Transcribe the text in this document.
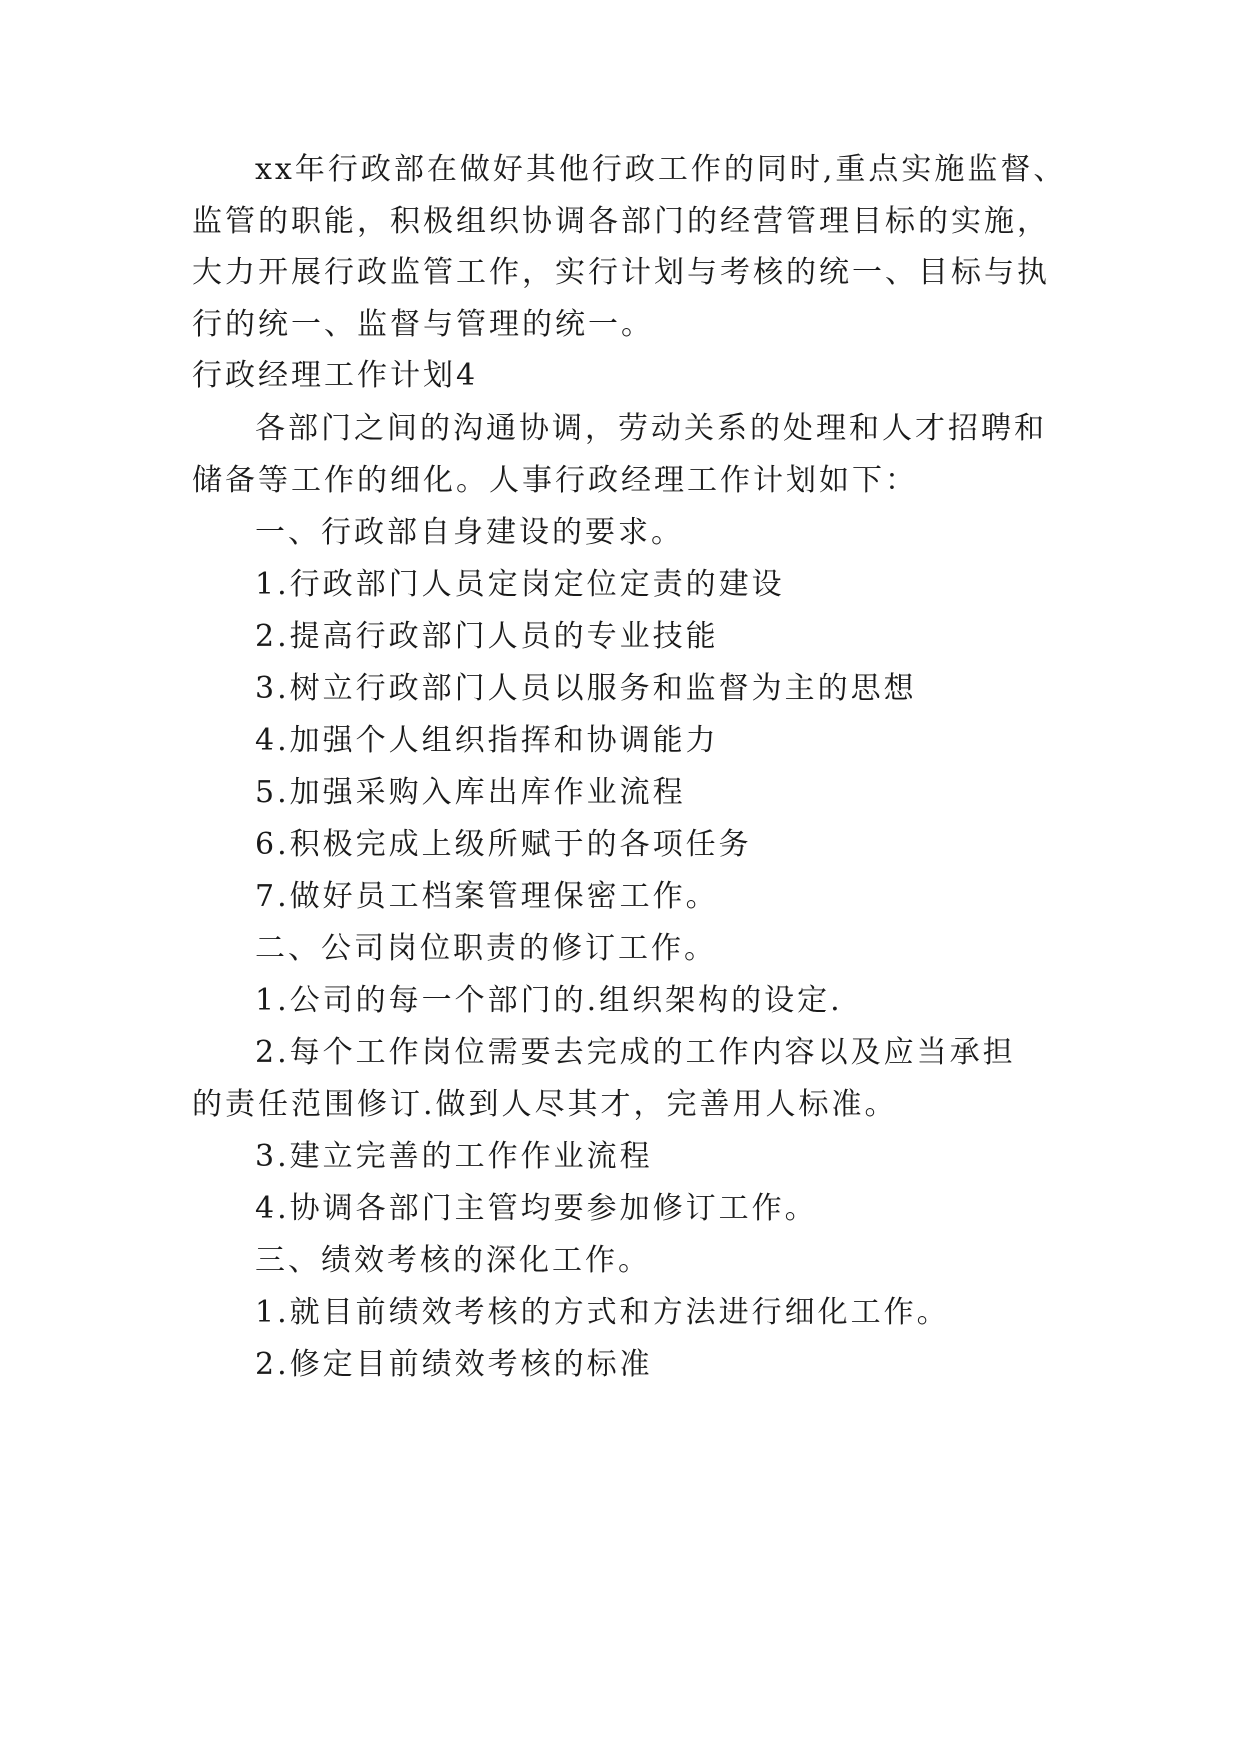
xx年行政部在做好其他行政工作的同时,重点实施监督、
监管的职能，积极组织协调各部门的经营管理目标的实施，
大力开展行政监管工作，实行计划与考核的统一、目标与执
行的统一、监督与管理的统一。
行政经理工作计划4
各部门之间的沟通协调，劳动关系的处理和人才招聘和
储备等工作的细化。人事行政经理工作计划如下：
一、行政部自身建设的要求。
1.行政部门人员定岗定位定责的建设
2.提高行政部门人员的专业技能
3.树立行政部门人员以服务和监督为主的思想
4.加强个人组织指挥和协调能力
5.加强采购入库出库作业流程
6.积极完成上级所赋于的各项任务
7.做好员工档案管理保密工作。
二、公司岗位职责的修订工作。
1.公司的每一个部门的.组织架构的设定.
2.每个工作岗位需要去完成的工作内容以及应当承担
的责任范围修订.做到人尽其才，完善用人标准。
3.建立完善的工作作业流程
4.协调各部门主管均要参加修订工作。
三、绩效考核的深化工作。
1.就目前绩效考核的方式和方法进行细化工作。
2.修定目前绩效考核的标准
